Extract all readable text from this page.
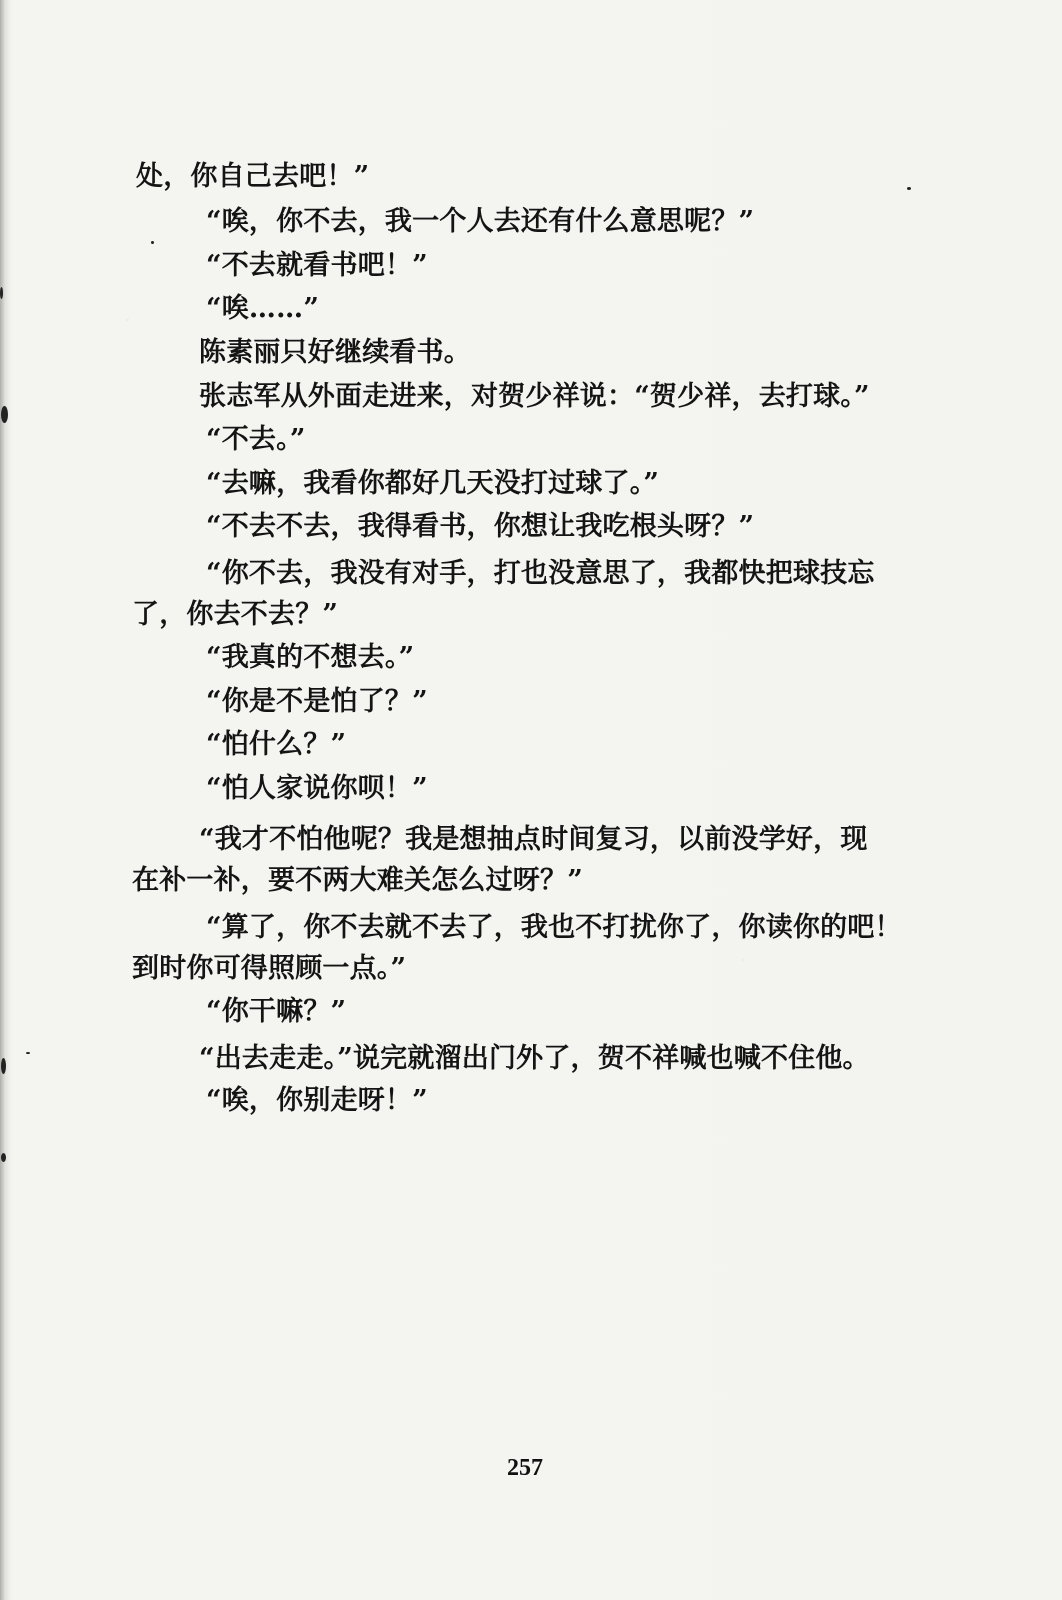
处，你自己去吧！”

“唉，你不去，我一个人去还有什么意思呢？”

“不去就看书吧！”

“唉……”

陈素丽只好继续看书。

张志军从外面走进来，对贺少祥说：“贺少祥，去打球。”

“不去。”

“去嘛，我看你都好几天没打过球了。”

“不去不去，我得看书，你想让我吃根头呀？”

“你不去，我没有对手，打也没意思了，我都快把球技忘

了，你去不去？”

“我真的不想去。”

“你是不是怕了？”

“怕什么？”

“怕人家说你呗！”

“我才不怕他呢？我是想抽点时间复习，以前没学好，现

在补一补，要不两大难关怎么过呀？”

“算了，你不去就不去了，我也不打扰你了，你读你的吧！

到时你可得照顾一点。”

“你干嘛？”

“出去走走。”说完就溜出门外了，贺不祥喊也喊不住他。

“唉，你别走呀！”

257
